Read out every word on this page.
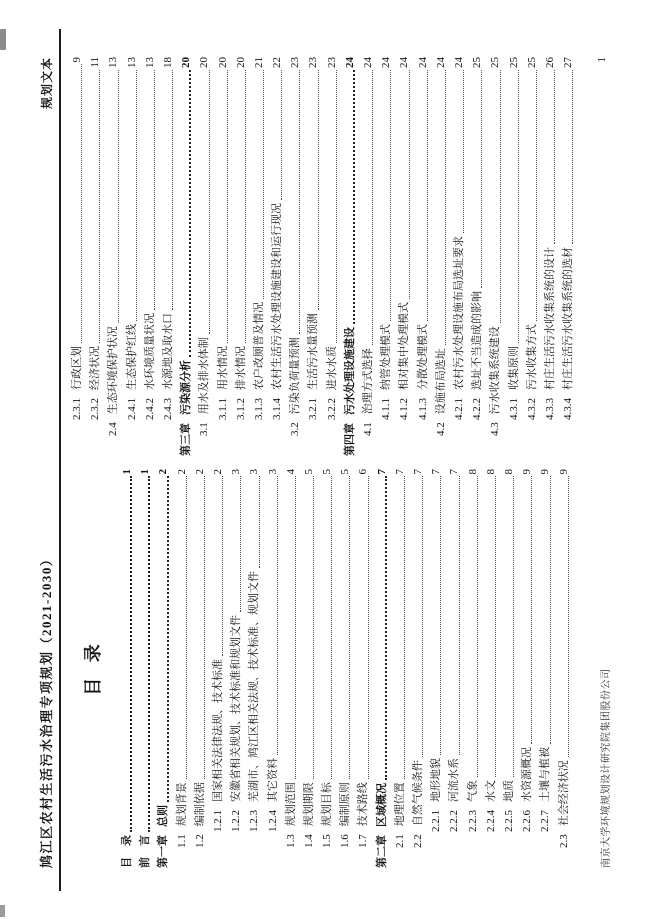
鸠江区农村生活污水治理专项规划（2021-2030）
规划文本
目 录
目　录
1
前　言
1
第一章
总则
2
1.1
规划背景
2
1.2
编制依据
2
1.2.1
国家相关法律法规、技术标准
2
1.2.2
安徽省相关规划、技术标准和规划文件
3
1.2.3
芜湖市、鸠江区相关法规、技术标准、规划文件
3
1.2.4
其它资料
3
1.3
规划范围
4
1.4
规划期限
5
1.5
规划目标
5
1.6
编制原则
5
1.7
技术路线
6
第二章
区域概况
7
2.1
地理位置
7
2.2
自然气候条件
7
2.2.1
地形地貌
7
2.2.2
河流水系
7
2.2.3
气象
8
2.2.4
水文
8
2.2.5
地质
8
2.2.6
水资源概况
9
2.2.7
土壤与植被
9
2.3
社会经济状况
9
2.3.1
行政区划
9
2.3.2
经济状况
11
2.4
生态环境保护状况
13
2.4.1
生态保护红线
13
2.4.2
水环境质量状况
13
2.4.3
水源地及取水口
18
第三章
污染源分析
20
3.1
用水及排水体制
20
3.1.1
用水情况
20
3.1.2
排水情况
20
3.1.3
农户改厕普及情况
21
3.1.4
农村生活污水处理设施建设和运行现况
22
3.2
污染负荷量预测
23
3.2.1
生活污水量预测
23
3.2.2
进水水质
23
第四章
污水处理设施建设
24
4.1
治理方式选择
24
4.1.1
纳管处理模式
24
4.1.2
相对集中处理模式
24
4.1.3
分散处理模式
24
4.2
设施布局选址
24
4.2.1
农村污水处理设施布局选址要求
24
4.2.2
选址不当造成的影响
25
4.3
污水收集系统建设
25
4.3.1
收集原则
25
4.3.2
污水收集方式
25
4.3.3
村庄生活污水收集系统的设计
26
4.3.4
村庄生活污水收集系统的选材
27
南京大学环境规划设计研究院集团股份公司
1
